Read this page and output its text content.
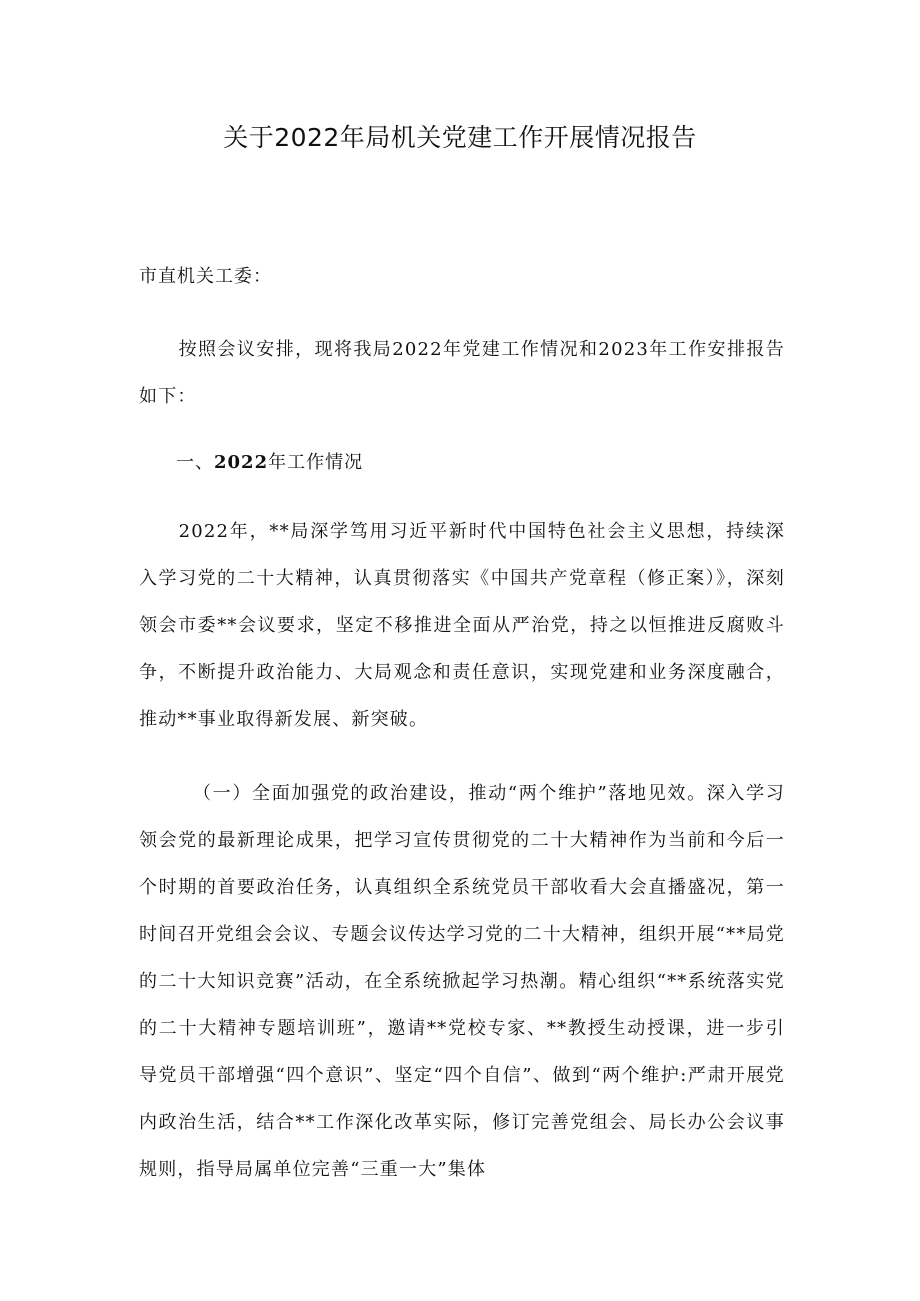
关于2022年局机关党建工作开展情况报告
市直机关工委：

按照会议安排，现将我局2022年党建工作情况和2023年工作安排报告如下：

一、2022年工作情况

2022年，**局深学笃用习近平新时代中国特色社会主义思想，持续深入学习党的二十大精神，认真贯彻落实《中国共产党章程（修正案）》，深刻领会市委**会议要求，坚定不移推进全面从严治党，持之以恒推进反腐败斗争，不断提升政治能力、大局观念和责任意识，实现党建和业务深度融合，推动**事业取得新发展、新突破。

（一）全面加强党的政治建设，推动“两个维护”落地见效。深入学习领会党的最新理论成果，把学习宣传贯彻党的二十大精神作为当前和今后一个时期的首要政治任务，认真组织全系统党员干部收看大会直播盛况，第一时间召开党组会会议、专题会议传达学习党的二十大精神，组织开展“**局党的二十大知识竞赛”活动，在全系统掀起学习热潮。精心组织“**系统落实党的二十大精神专题培训班”，邀请**党校专家、**教授生动授课，进一步引导党员干部增强“四个意识”、坚定“四个自信”、做到“两个维护:严肃开展党内政治生活，结合**工作深化改革实际，修订完善党组会、局长办公会议事规则，指导局属单位完善“三重一大”集体
